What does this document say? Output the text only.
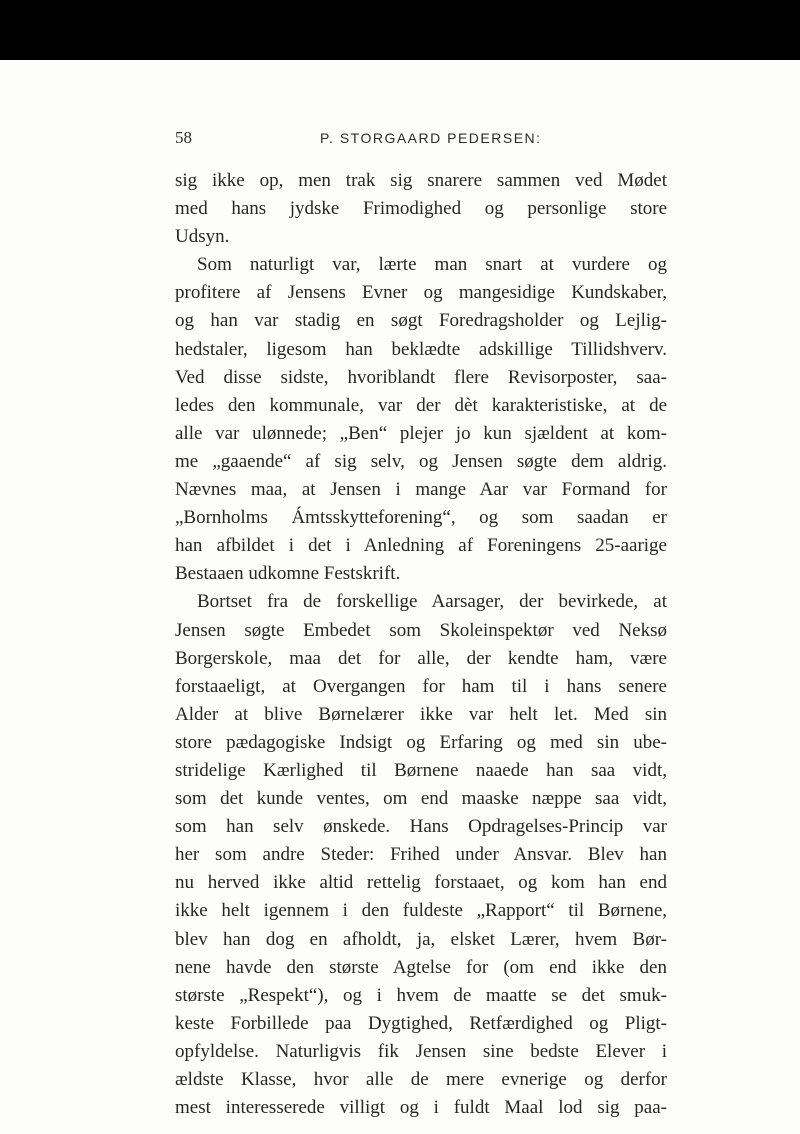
58	P. STORGAARD PEDERSEN:
sig ikke op, men trak sig snarere sammen ved Mødet
med hans jydske Frimodighed og personlige store
Udsyn.
Som naturligt var, lærte man snart at vurdere og
profitere af Jensens Evner og mangesidige Kundskaber,
og han var stadig en søgt Foredragsholder og Lejlig-
hedstaler, ligesom han beklædte adskillige Tillidshverv.
Ved disse sidste, hvoriblandt flere Revisorposter, saa-
ledes den kommunale, var der dèt karakteristiske, at de
alle var ulønnede; „Ben“ plejer jo kun sjældent at kom-
me „gaaende“ af sig selv, og Jensen søgte dem aldrig.
Nævnes maa, at Jensen i mange Aar var Formand for
„Bornholms Ámtsskytteforening“, og som saadan er
han afbildet i det i Anledning af Foreningens 25-aarige
Bestaaen udkomne Festskrift.
Bortset fra de forskellige Aarsager, der bevirkede, at
Jensen søgte Embedet som Skoleinspektør ved Neksø
Borgerskole, maa det for alle, der kendte ham, være
forstaaeligt, at Overgangen for ham til i hans senere
Alder at blive Børnelærer ikke var helt let. Med sin
store pædagogiske Indsigt og Erfaring og med sin ube-
stridelige Kærlighed til Børnene naaede han saa vidt,
som det kunde ventes, om end maaske næppe saa vidt,
som han selv ønskede. Hans Opdragelses-Princip var
her som andre Steder: Frihed under Ansvar. Blev han
nu herved ikke altid rettelig forstaaet, og kom han end
ikke helt igennem i den fuldeste „Rapport“ til Børnene,
blev han dog en afholdt, ja, elsket Lærer, hvem Bør-
nene havde den største Agtelse for (om end ikke den
største „Respekt“), og i hvem de maatte se det smuk-
keste Forbillede paa Dygtighed, Retfærdighed og Pligt-
opfyldelse. Naturligvis fik Jensen sine bedste Elever i
ældste Klasse, hvor alle de mere evnerige og derfor
mest interesserede villigt og i fuldt Maal lod sig paa-
